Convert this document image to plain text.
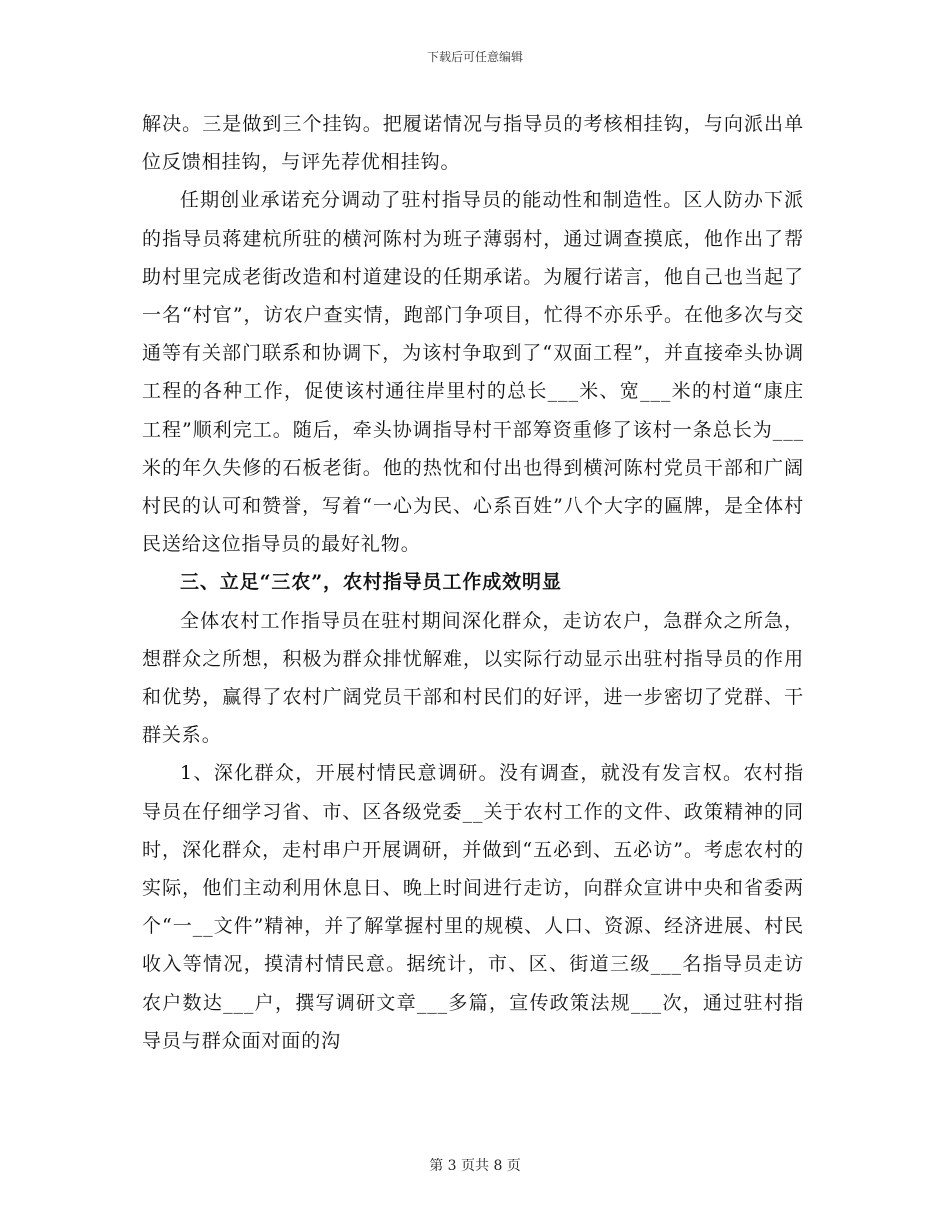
下载后可任意编辑

解决。三是做到三个挂钩。把履诺情况与指导员的考核相挂钩，与向派出单位反馈相挂钩，与评先荐优相挂钩。

任期创业承诺充分调动了驻村指导员的能动性和制造性。区人防办下派的指导员蒋建杭所驻的横河陈村为班子薄弱村，通过调查摸底，他作出了帮助村里完成老街改造和村道建设的任期承诺。为履行诺言，他自己也当起了一名“村官”，访农户查实情，跑部门争项目，忙得不亦乐乎。在他多次与交通等有关部门联系和协调下，为该村争取到了“双面工程”，并直接牵头协调工程的各种工作，促使该村通往岸里村的总长___米、宽___米的村道“康庄工程”顺利完工。随后，牵头协调指导村干部筹资重修了该村一条总长为___米的年久失修的石板老街。他的热忱和付出也得到横河陈村党员干部和广阔村民的认可和赞誉，写着“一心为民、心系百姓”八个大字的匾牌，是全体村民送给这位指导员的最好礼物。

三、立足“三农”，农村指导员工作成效明显

全体农村工作指导员在驻村期间深化群众，走访农户，急群众之所急，想群众之所想，积极为群众排忧解难，以实际行动显示出驻村指导员的作用和优势，赢得了农村广阔党员干部和村民们的好评，进一步密切了党群、干群关系。

1、深化群众，开展村情民意调研。没有调查，就没有发言权。农村指导员在仔细学习省、市、区各级党委__关于农村工作的文件、政策精神的同时，深化群众，走村串户开展调研，并做到“五必到、五必访”。考虑农村的实际，他们主动利用休息日、晚上时间进行走访，向群众宣讲中央和省委两个“一__文件”精神，并了解掌握村里的规模、人口、资源、经济进展、村民收入等情况，摸清村情民意。据统计，市、区、街道三级___名指导员走访农户数达___户，撰写调研文章___多篇，宣传政策法规___次，通过驻村指导员与群众面对面的沟

第 3 页共 8 页
